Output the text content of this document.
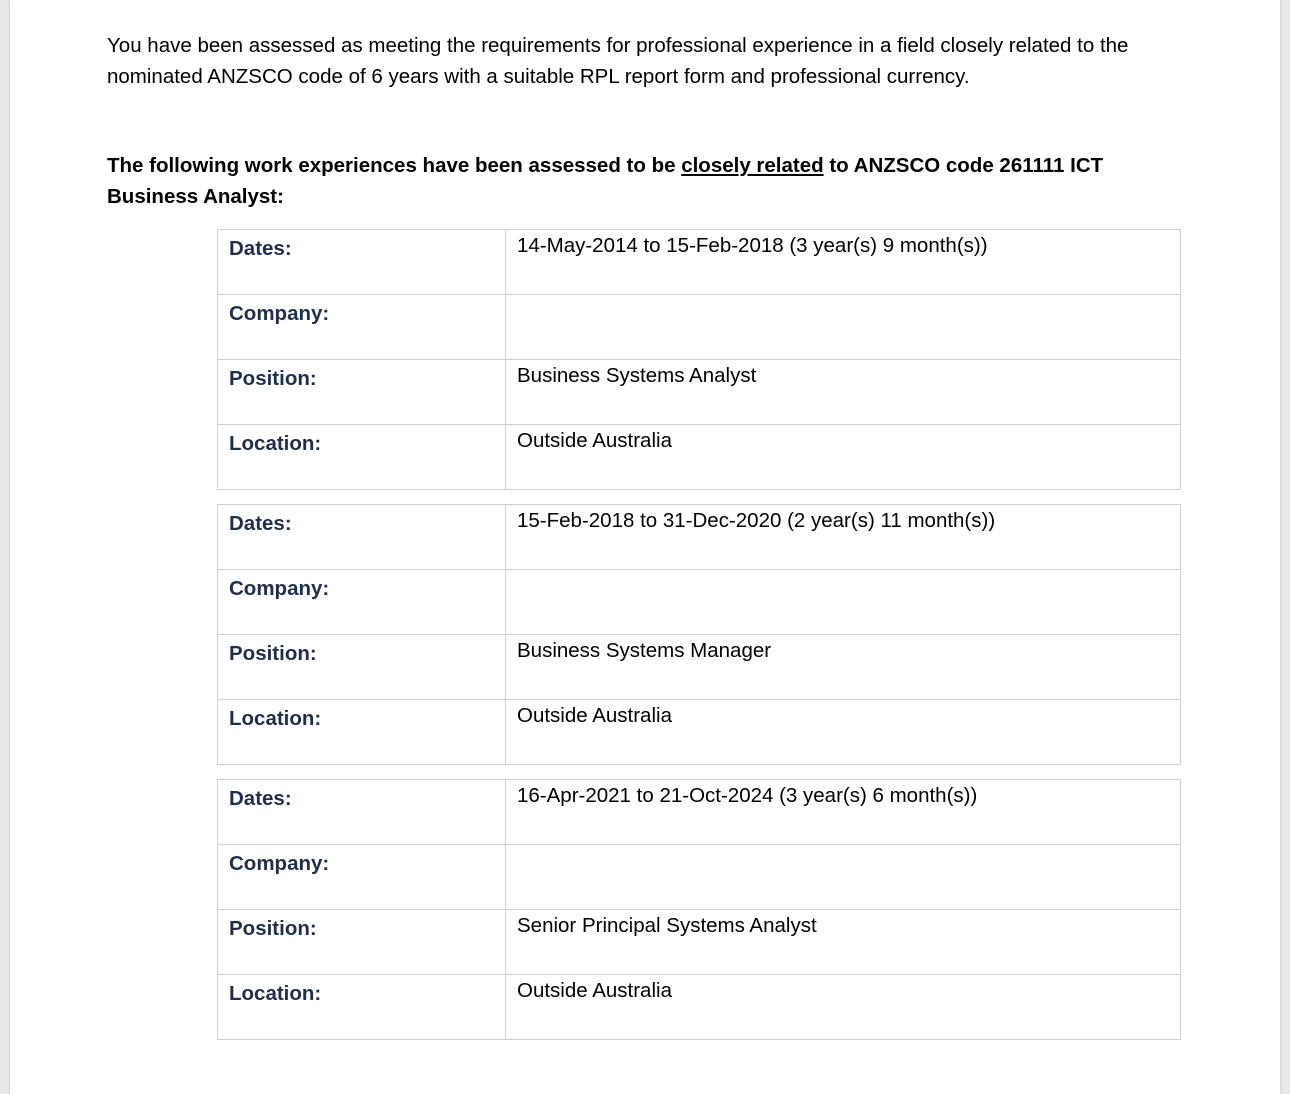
You have been assessed as meeting the requirements for professional experience in a field closely related to the nominated ANZSCO code of 6 years with a suitable RPL report form and professional currency.

The following work experiences have been assessed to be closely related to ANZSCO code 261111 ICT Business Analyst:

Dates:	14-May-2014 to 15-Feb-2018 (3 year(s) 9 month(s))
Company:	
Position:	Business Systems Analyst
Location:	Outside Australia
Dates:	15-Feb-2018 to 31-Dec-2020 (2 year(s) 11 month(s))
Company:	
Position:	Business Systems Manager
Location:	Outside Australia
Dates:	16-Apr-2021 to 21-Oct-2024 (3 year(s) 6 month(s))
Company:	
Position:	Senior Principal Systems Analyst
Location:	Outside Australia
